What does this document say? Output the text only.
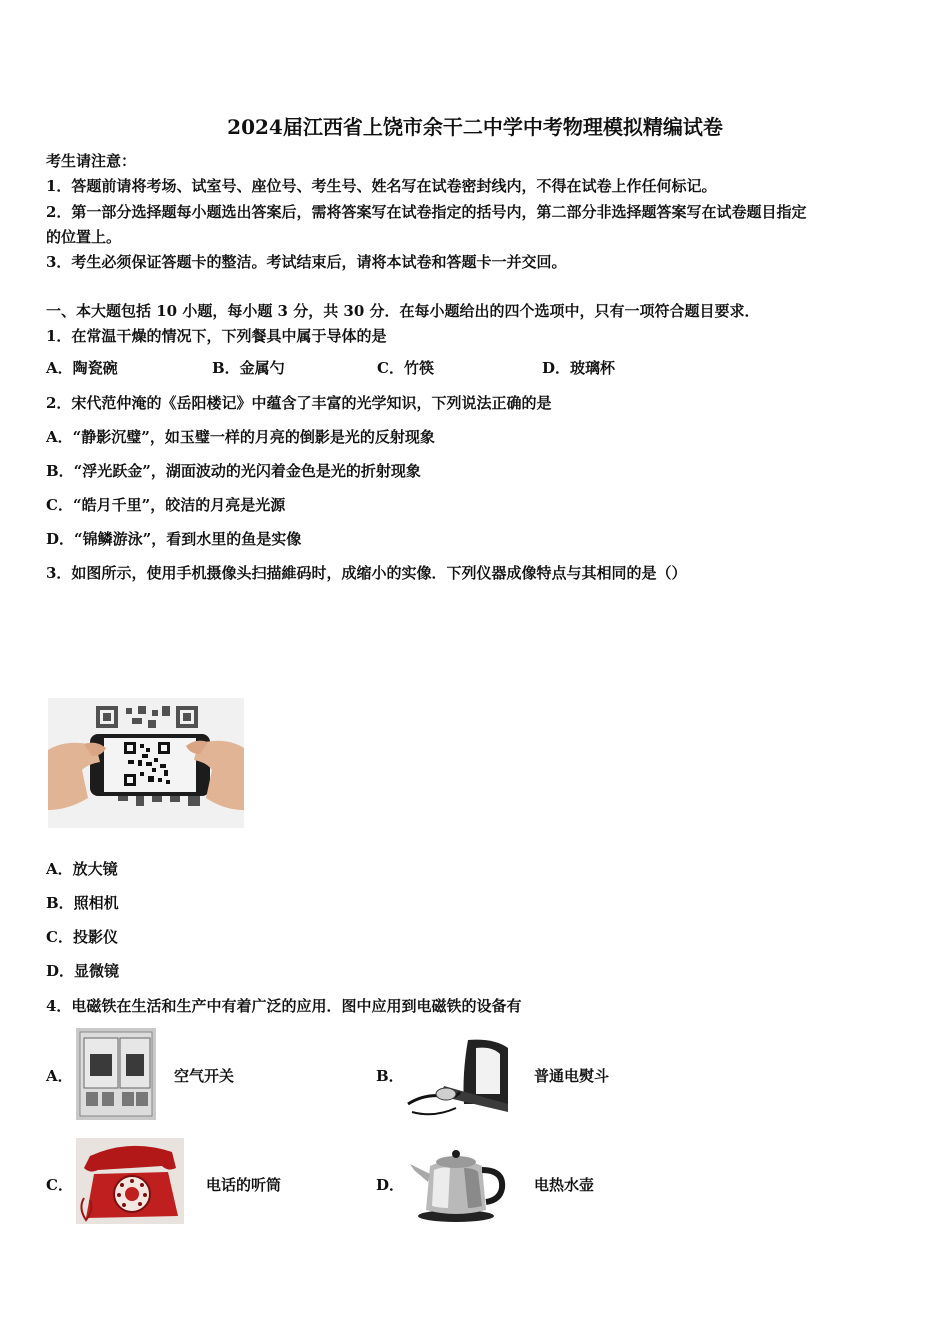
2024届江西省上饶市余干二中学中考物理模拟精编试卷
考生请注意：
1．答题前请将考场、试室号、座位号、考生号、姓名写在试卷密封线内，不得在试卷上作任何标记。
2．第一部分选择题每小题选出答案后，需将答案写在试卷指定的括号内，第二部分非选择题答案写在试卷题目指定
的位置上。
3．考生必须保证答题卡的整洁。考试结束后，请将本试卷和答题卡一并交回。
一、本大题包括 10 小题，每小题 3 分，共 30 分．在每小题给出的四个选项中，只有一项符合题目要求．
1．在常温干燥的情况下，下列餐具中属于导体的是
A．陶瓷碗	B．金属勺	C．竹筷	D．玻璃杯
2．宋代范仲淹的《岳阳楼记》中蕴含了丰富的光学知识，下列说法正确的是
A．“静影沉璧”，如玉璧一样的月亮的倒影是光的反射现象
B．“浮光跃金”，湖面波动的光闪着金色是光的折射现象
C．“皓月千里”，皎洁的月亮是光源
D．“锦鳞游泳”，看到水里的鱼是实像
3．如图所示，使用手机摄像头扫描維码时，成缩小的实像．下列仪器成像特点与其相同的是（）
A．放大镜
B．照相机
C．投影仪
D．显微镜
4．电磁铁在生活和生产中有着广泛的应用．图中应用到电磁铁的设备有
A．	空气开关	B．	普通电熨斗
C．	电话的听筒	D．	电热水壶
